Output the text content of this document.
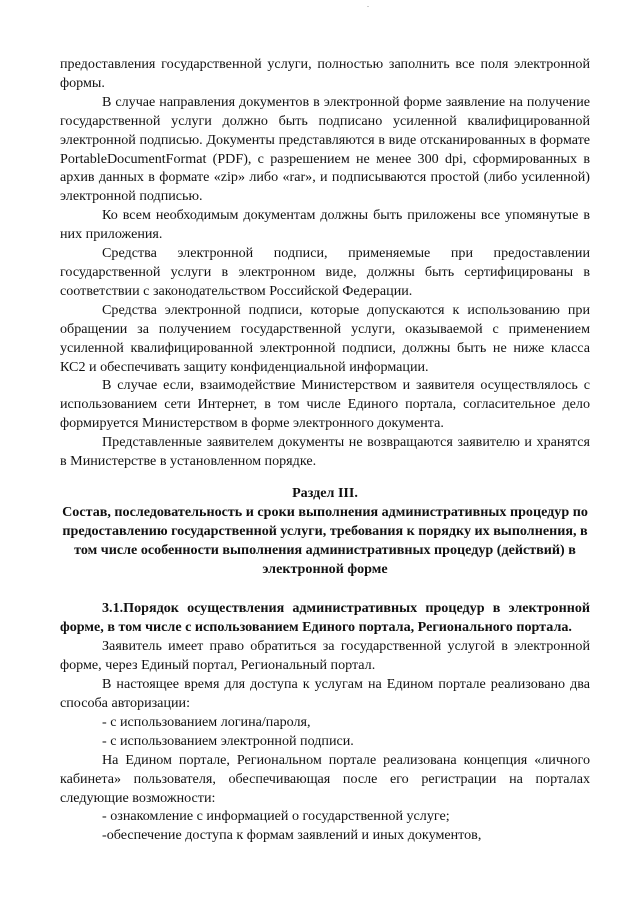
-

предоставления государственной услуги, полностью заполнить все поля электронной формы.

В случае направления документов в электронной форме заявление на получение государственной услуги должно быть подписано усиленной квалифицированной электронной подписью. Документы представляются в виде отсканированных в формате PortableDocumentFormat (PDF), с разрешением не менее 300 dpi, сформированных в архив данных в формате «zip» либо «rar», и подписываются простой (либо усиленной) электронной подписью.

Ко всем необходимым документам должны быть приложены все упомянутые в них приложения.

Средства электронной подписи, применяемые при предоставлении государственной услуги в электронном виде, должны быть сертифицированы в соответствии с законодательством Российской Федерации.

Средства электронной подписи, которые допускаются к использованию при обращении за получением государственной услуги, оказываемой с применением усиленной квалифицированной электронной подписи, должны быть не ниже класса КС2 и обеспечивать защиту конфиденциальной информации.

В случае если, взаимодействие Министерством и заявителя осуществлялось с использованием сети Интернет, в том числе Единого портала, согласительное дело формируется Министерством в форме электронного документа.

Представленные заявителем документы не возвращаются заявителю и хранятся в Министерстве в установленном порядке.

Раздел III.

Состав, последовательность и сроки выполнения административных процедур по предоставлению государственной услуги, требования к порядку их выполнения, в том числе особенности выполнения административных процедур (действий) в электронной форме

3.1.Порядок осуществления административных процедур в электронной форме, в том числе с использованием Единого портала, Регионального портала.

Заявитель имеет право обратиться за государственной услугой в электронной форме, через Единый портал, Региональный портал.

В настоящее время для доступа к услугам на Едином портале реализовано два способа авторизации:

- с использованием логина/пароля,

- с использованием электронной подписи.

На Едином портале, Региональном портале реализована концепция «личного кабинета» пользователя, обеспечивающая после его регистрации на порталах следующие возможности:

- ознакомление с информацией о государственной услуге;

-обеспечение доступа к формам заявлений и иных документов,
